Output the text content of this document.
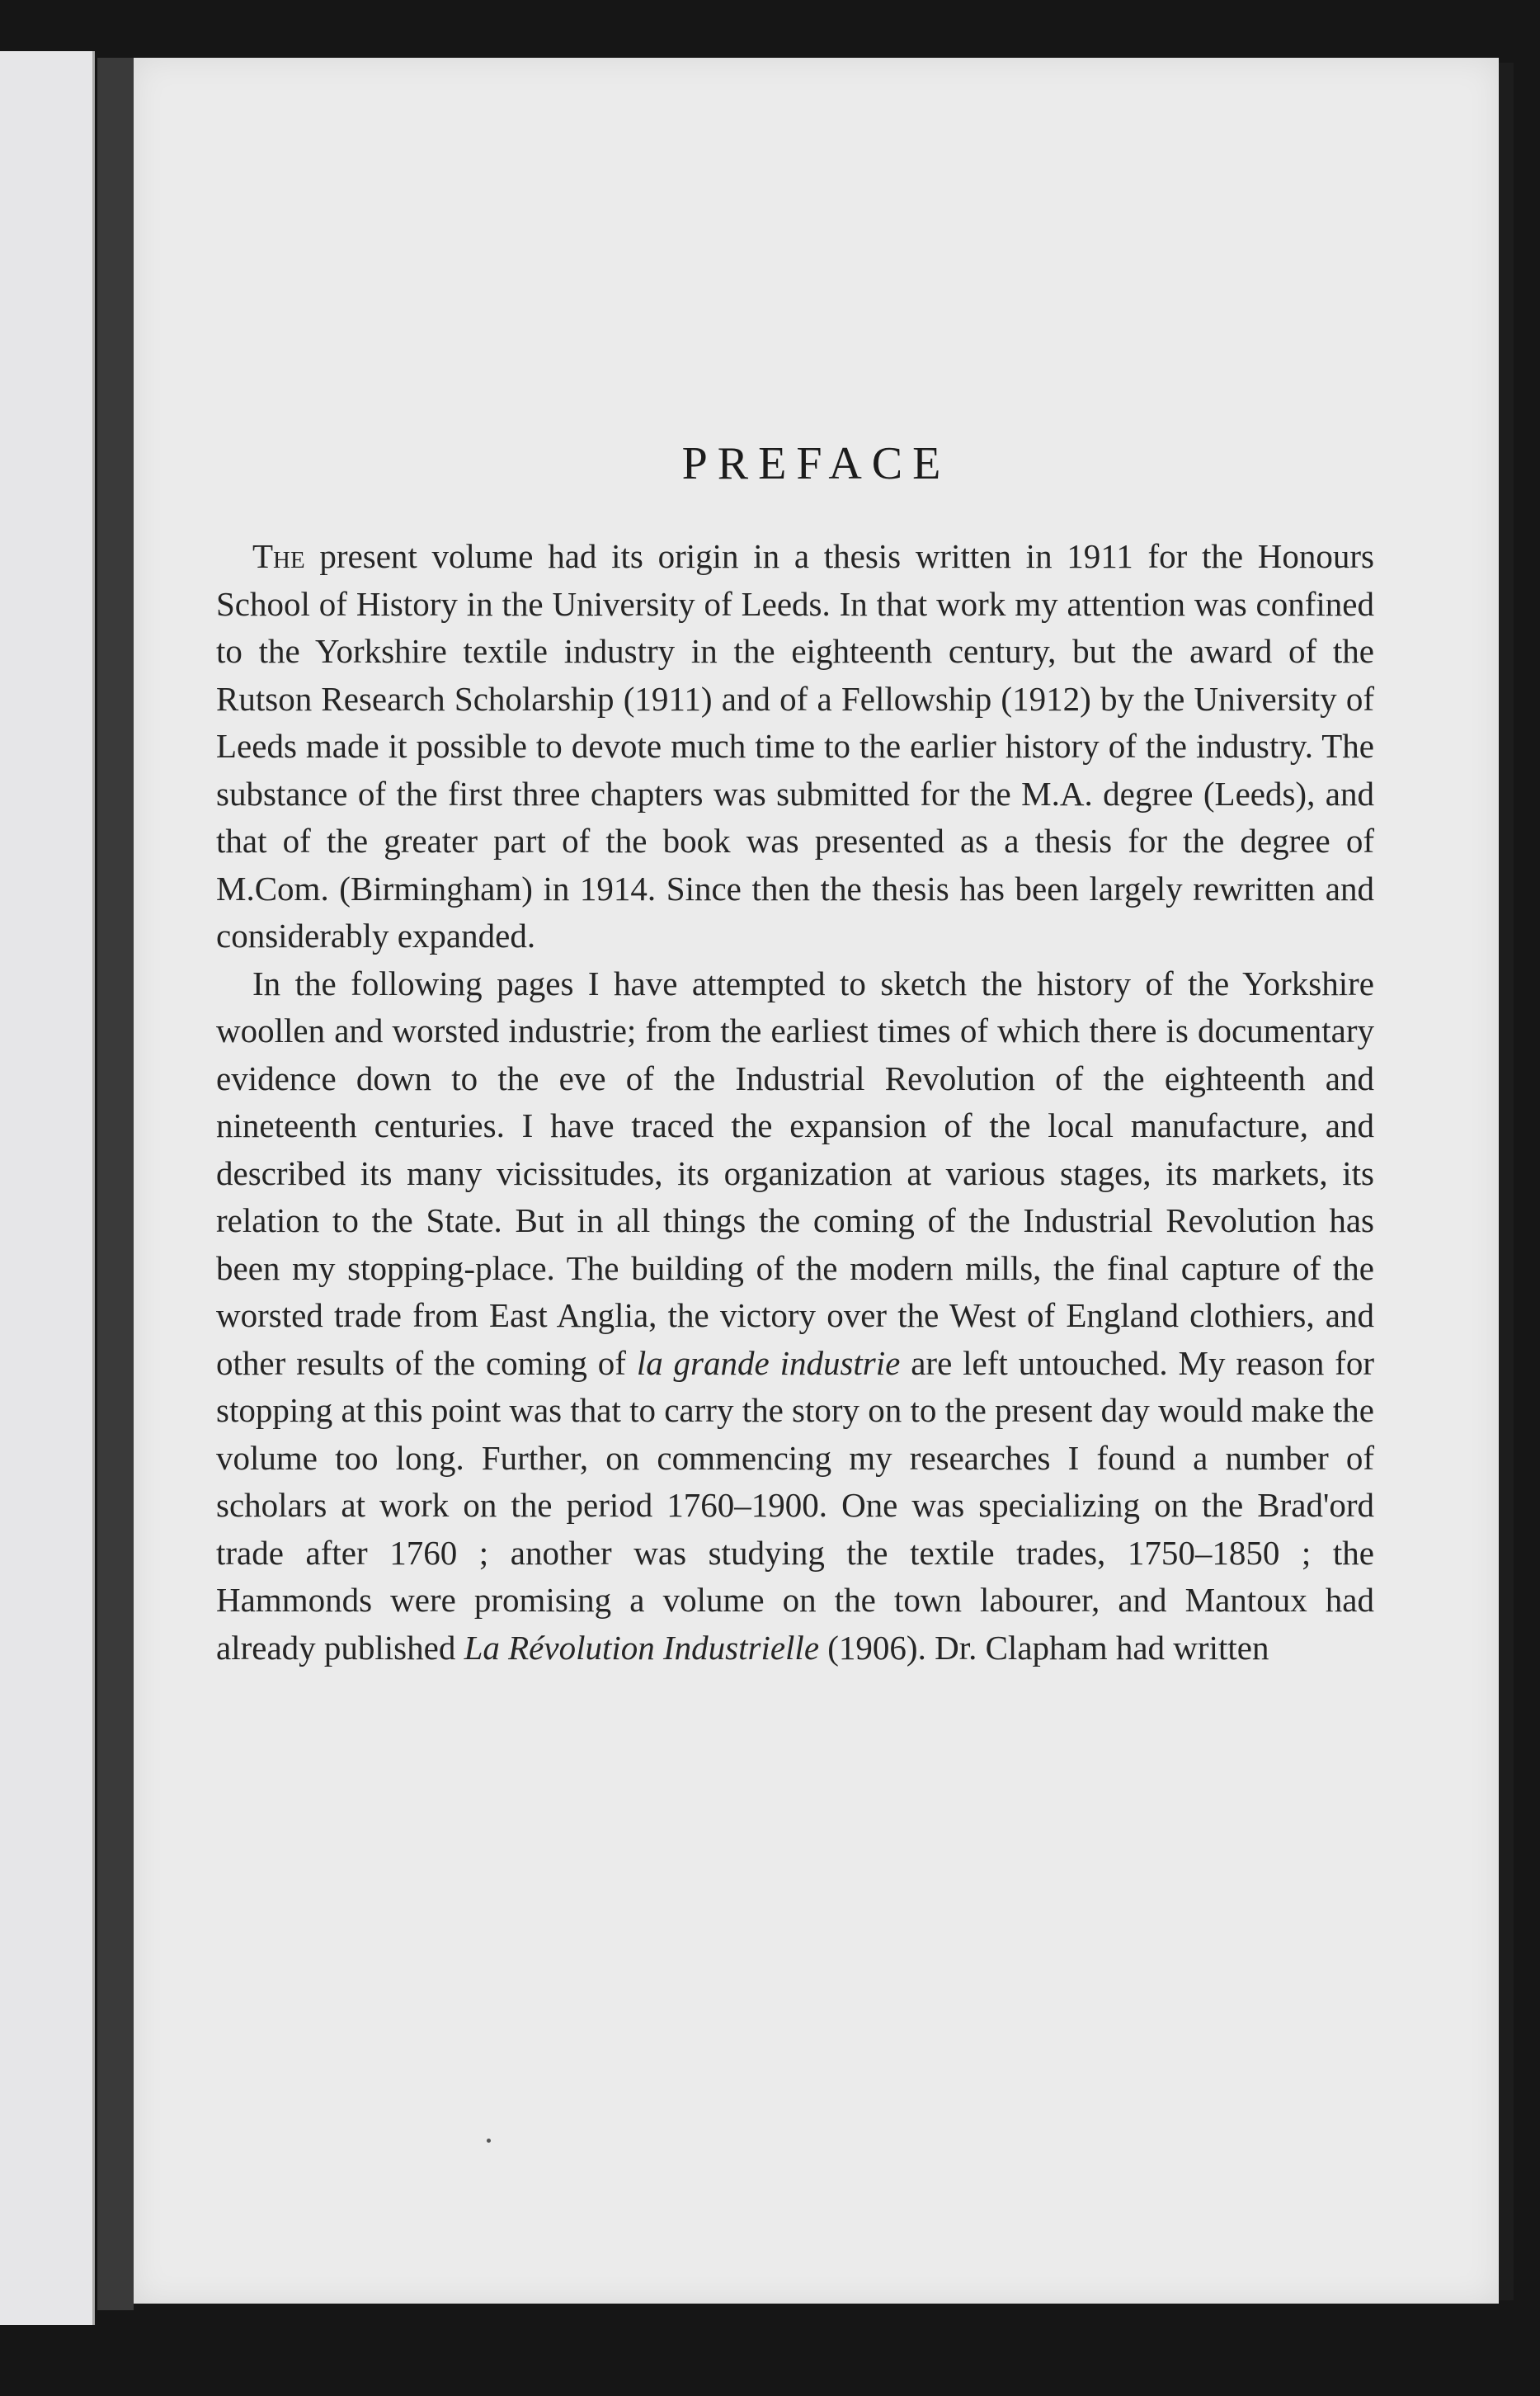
PREFACE

The present volume had its origin in a thesis written in 1911 for the Honours School of History in the University of Leeds. In that work my attention was confined to the Yorkshire textile industry in the eighteenth century, but the award of the Rutson Research Scholarship (1911) and of a Fellowship (1912) by the University of Leeds made it possible to devote much time to the earlier history of the industry. The substance of the first three chapters was submitted for the M.A. degree (Leeds), and that of the greater part of the book was presented as a thesis for the degree of M.Com. (Birmingham) in 1914. Since then the thesis has been largely rewritten and considerably expanded.

In the following pages I have attempted to sketch the history of the Yorkshire woollen and worsted industrie; from the earliest times of which there is documentary evidence down to the eve of the Industrial Revolution of the eighteenth and nineteenth centuries. I have traced the expansion of the local manufacture, and described its many vicissitudes, its organization at various stages, its markets, its relation to the State. But in all things the coming of the Industrial Revolution has been my stopping-place. The building of the modern mills, the final capture of the worsted trade from East Anglia, the victory over the West of England clothiers, and other results of the coming of la grande industrie are left untouched. My reason for stopping at this point was that to carry the story on to the present day would make the volume too long. Further, on commencing my researches I found a number of scholars at work on the period 1760–1900. One was specializing on the Brad'ord trade after 1760 ; another was studying the textile trades, 1750–1850 ; the Hammonds were promising a volume on the town labourer, and Mantoux had already published La Révolution Industrielle (1906). Dr. Clapham had written
